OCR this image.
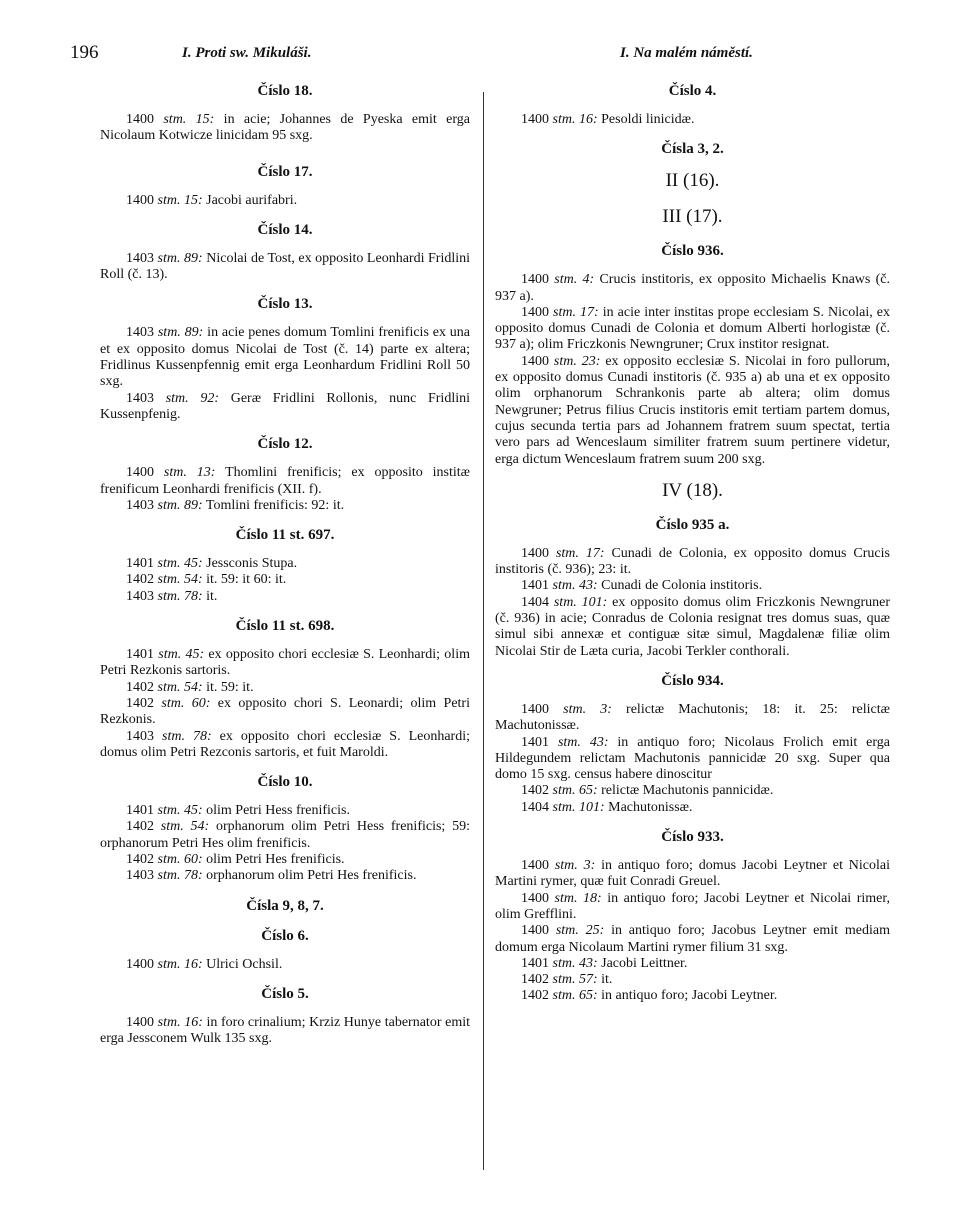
196	I. Proti sw. Mikuláši.	I. Na malém náměstí.
Číslo 18.

1400 stm. 15: in acie; Johannes de Pyeska emit erga Nicolaum Kotwicze linicidam 95 sxg.

Číslo 17.

1400 stm. 15: Jacobi aurifabri.

Číslo 14.

1403 stm. 89: Nicolai de Tost, ex opposito Leonhardi Fridlini Roll (č. 13).

Číslo 13.

1403 stm. 89: in acie penes domum Tomlini frenificis ex una et ex opposito domus Nicolai de Tost (č. 14) parte ex altera; Fridlinus Kussenpfennig emit erga Leonhardum Fridlini Roll 50 sxg.

1403 stm. 92: Geræ Fridlini Rollonis, nunc Fridlini Kussenpfenig.

Číslo 12.

1400 stm. 13: Thomlini frenificis; ex opposito institæ frenificum Leonhardi frenificis (XII. f).

1403 stm. 89: Tomlini frenificis: 92: it.

Číslo 11 st. 697.

1401 stm. 45: Jessconis Stupa.

1402 stm. 54: it. 59: it 60: it.

1403 stm. 78: it.

Číslo 11 st. 698.

1401 stm. 45: ex opposito chori ecclesiæ S. Leonhardi; olim Petri Rezkonis sartoris.

1402 stm. 54: it. 59: it.

1402 stm. 60: ex opposito chori S. Leonardi; olim Petri Rezkonis.

1403 stm. 78: ex opposito chori ecclesiæ S. Leonhardi; domus olim Petri Rezconis sartoris, et fuit Maroldi.

Číslo 10.

1401 stm. 45: olim Petri Hess frenificis.

1402 stm. 54: orphanorum olim Petri Hess frenificis; 59: orphanorum Petri Hes olim frenificis.

1402 stm. 60: olim Petri Hes frenificis.

1403 stm. 78: orphanorum olim Petri Hes frenificis.

Čísla 9, 8, 7.
Číslo 6.

1400 stm. 16: Ulrici Ochsil.

Číslo 5.

1400 stm. 16: in foro crinalium; Krziz Hunye tabernator emit erga Jessconem Wulk 135 sxg.

Číslo 4.

1400 stm. 16: Pesoldi linicidæ.

Čísla 3, 2.
II (16).
III (17).
Číslo 936.

1400 stm. 4: Crucis institoris, ex opposito Michaelis Knaws (č. 937 a).

1400 stm. 17: in acie inter institas prope ecclesiam S. Nicolai, ex opposito domus Cunadi de Colonia et domum Alberti horlogistæ (č. 937 a); olim Friczkonis Newngruner; Crux institor resignat.

1400 stm. 23: ex opposito ecclesiæ S. Nicolai in foro pullorum, ex opposito domus Cunadi institoris (č. 935 a) ab una et ex opposito olim orphanorum Schrankonis parte ab altera; olim domus Newgruner; Petrus filius Crucis institoris emit tertiam partem domus, cujus secunda tertia pars ad Johannem fratrem suum spectat, tertia vero pars ad Wenceslaum similiter fratrem suum pertinere videtur, erga dictum Wenceslaum fratrem suum 200 sxg.

IV (18).
Číslo 935 a.

1400 stm. 17: Cunadi de Colonia, ex opposito domus Crucis institoris (č. 936); 23: it.

1401 stm. 43: Cunadi de Colonia institoris.

1404 stm. 101: ex opposito domus olim Friczkonis Newngruner (č. 936) in acie; Conradus de Colonia resignat tres domus suas, quæ simul sibi annexæ et contiguæ sitæ simul, Magdalenæ filiæ olim Nicolai Stir de Læta curia, Jacobi Terkler conthorali.

Číslo 934.

1400 stm. 3: relictæ Machutonis; 18: it. 25: relictæ Machutonissæ.

1401 stm. 43: in antiquo foro; Nicolaus Frolich emit erga Hildegundem relictam Machutonis pannicidæ 20 sxg. Super qua domo 15 sxg. census habere dinoscitur

1402 stm. 65: relictæ Machutonis pannicidæ.

1404 stm. 101: Machutonissæ.

Číslo 933.

1400 stm. 3: in antiquo foro; domus Jacobi Leytner et Nicolai Martini rymer, quæ fuit Conradi Greuel.

1400 stm. 18: in antiquo foro; Jacobi Leytner et Nicolai rimer, olim Grefflini.

1400 stm. 25: in antiquo foro; Jacobus Leytner emit mediam domum erga Nicolaum Martini rymer filium 31 sxg.

1401 stm. 43: Jacobi Leittner.

1402 stm. 57: it.

1402 stm. 65: in antiquo foro; Jacobi Leytner.
